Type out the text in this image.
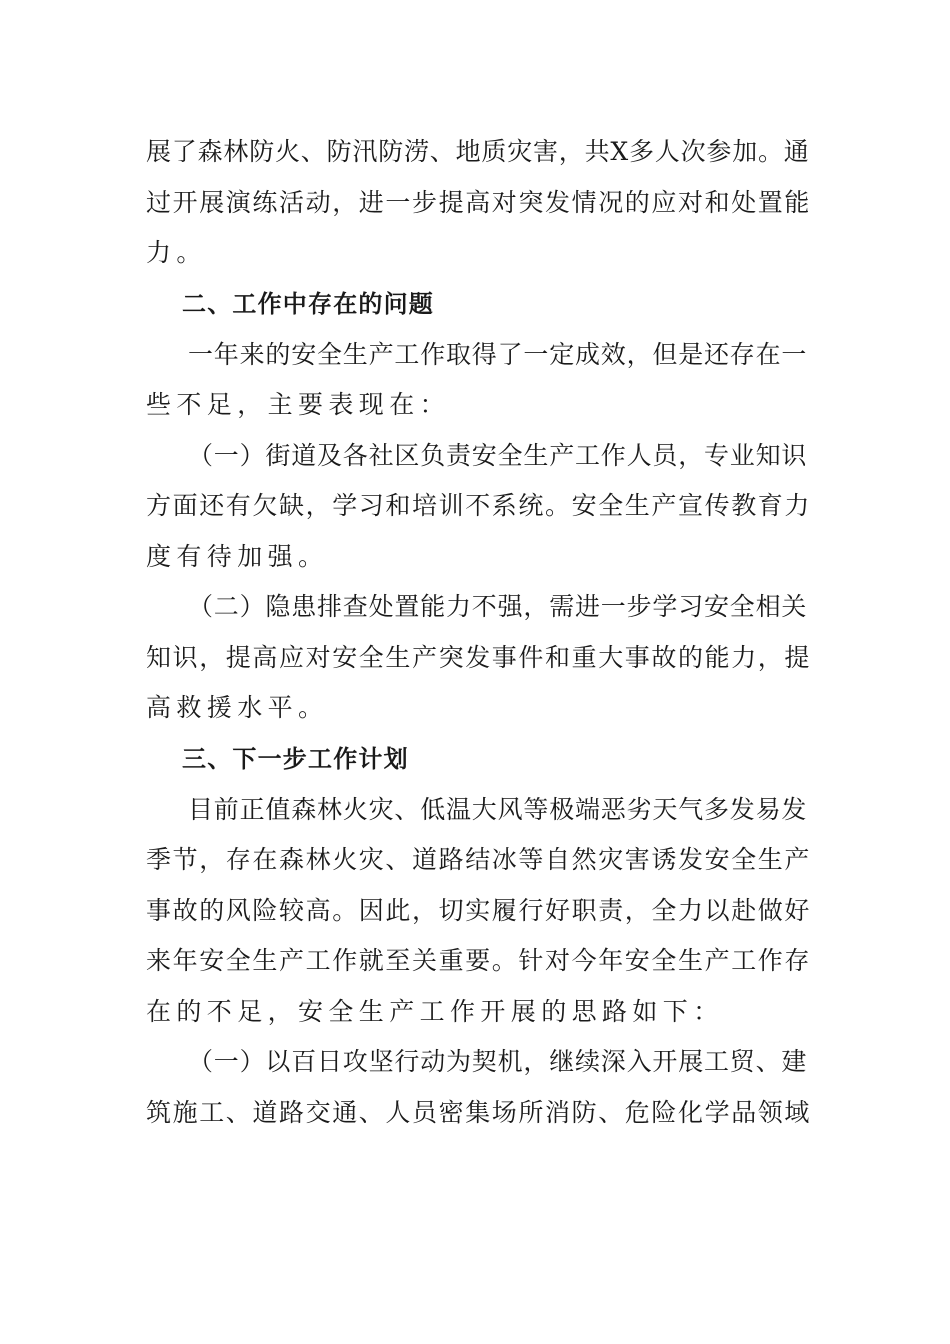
展了森林防火、防汛防涝、地质灾害，共X多人次参加。通
过开展演练活动，进一步提高对突发情况的应对和处置能
力。
二、工作中存在的问题
一年来的安全生产工作取得了一定成效，但是还存在一
些不足，主要表现在：
（一）街道及各社区负责安全生产工作人员，专业知识
方面还有欠缺，学习和培训不系统。安全生产宣传教育力
度有待加强。
（二）隐患排查处置能力不强，需进一步学习安全相关
知识，提高应对安全生产突发事件和重大事故的能力，提
高救援水平。
三、下一步工作计划
目前正值森林火灾、低温大风等极端恶劣天气多发易发
季节，存在森林火灾、道路结冰等自然灾害诱发安全生产
事故的风险较高。因此，切实履行好职责，全力以赴做好
来年安全生产工作就至关重要。针对今年安全生产工作存
在的不足，安全生产工作开展的思路如下：
（一）以百日攻坚行动为契机，继续深入开展工贸、建
筑施工、道路交通、人员密集场所消防、危险化学品领域
